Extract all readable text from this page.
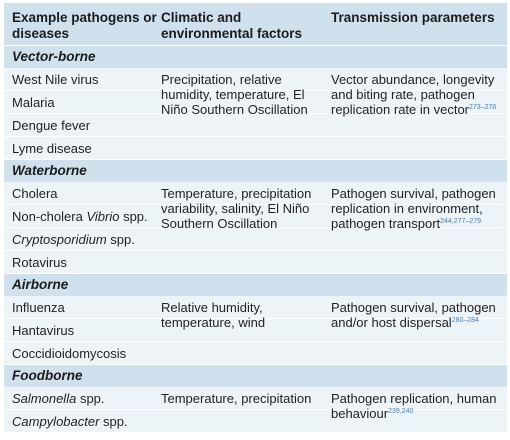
Example pathogens or diseases
Climatic and environmental factors
Transmission parameters
Vector-borne
West Nile virus
Malaria
Dengue fever
Lyme disease
Precipitation, relative humidity, temperature, El Niño Southern Oscillation
Vector abundance, longevity and biting rate, pathogen replication rate in vector$^{273-276}$
Waterborne
Cholera
Non-cholera Vibrio spp.
Cryptosporidium spp.
Rotavirus
Temperature, precipitation variability, salinity, El Niño Southern Oscillation
Pathogen survival, pathogen replication in environment, pathogen transport$^{244,277-279}$
Airborne
Influenza
Hantavirus
Coccidioidomycosis
Relative humidity, temperature, wind
Pathogen survival, pathogen and/or host dispersal$^{280-284}$
Foodborne
Salmonella spp.
Campylobacter spp.
Temperature, precipitation	Pathogen replication, human behaviour$^{239,240}$
